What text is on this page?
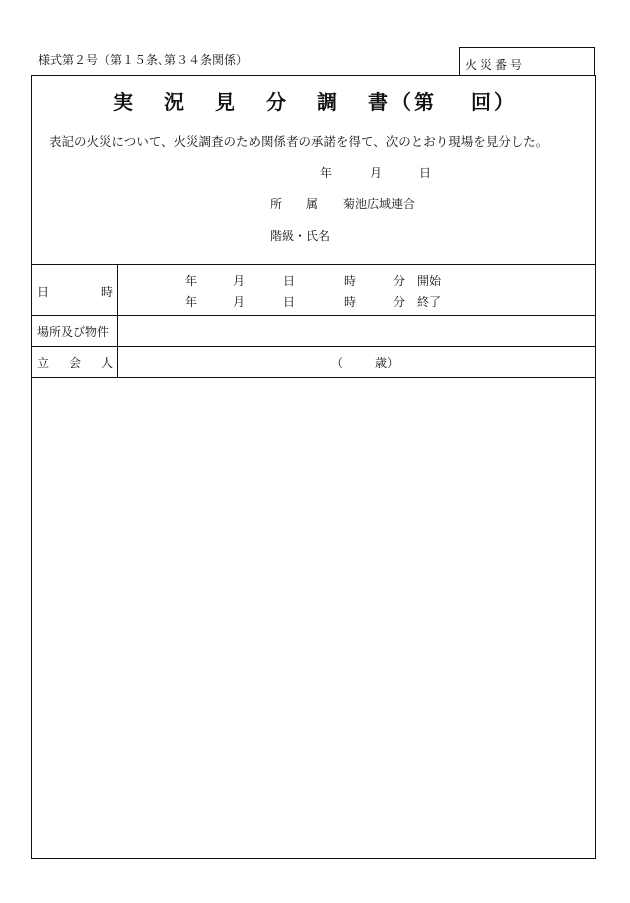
様式第２号（第１５条､第３４条関係）	火災番号
実 況 見 分 調 書（第 回）
表記の火災について、火災調査のため関係者の承諾を得て、次のとおり現場を見分した。
年	月	日
所　　属 菊池広域連合
階級・氏名
日	時
年	月	日	時	分 開始
年	月	日	時	分 終了
場所及び物件
立 会 人	（	歳）
